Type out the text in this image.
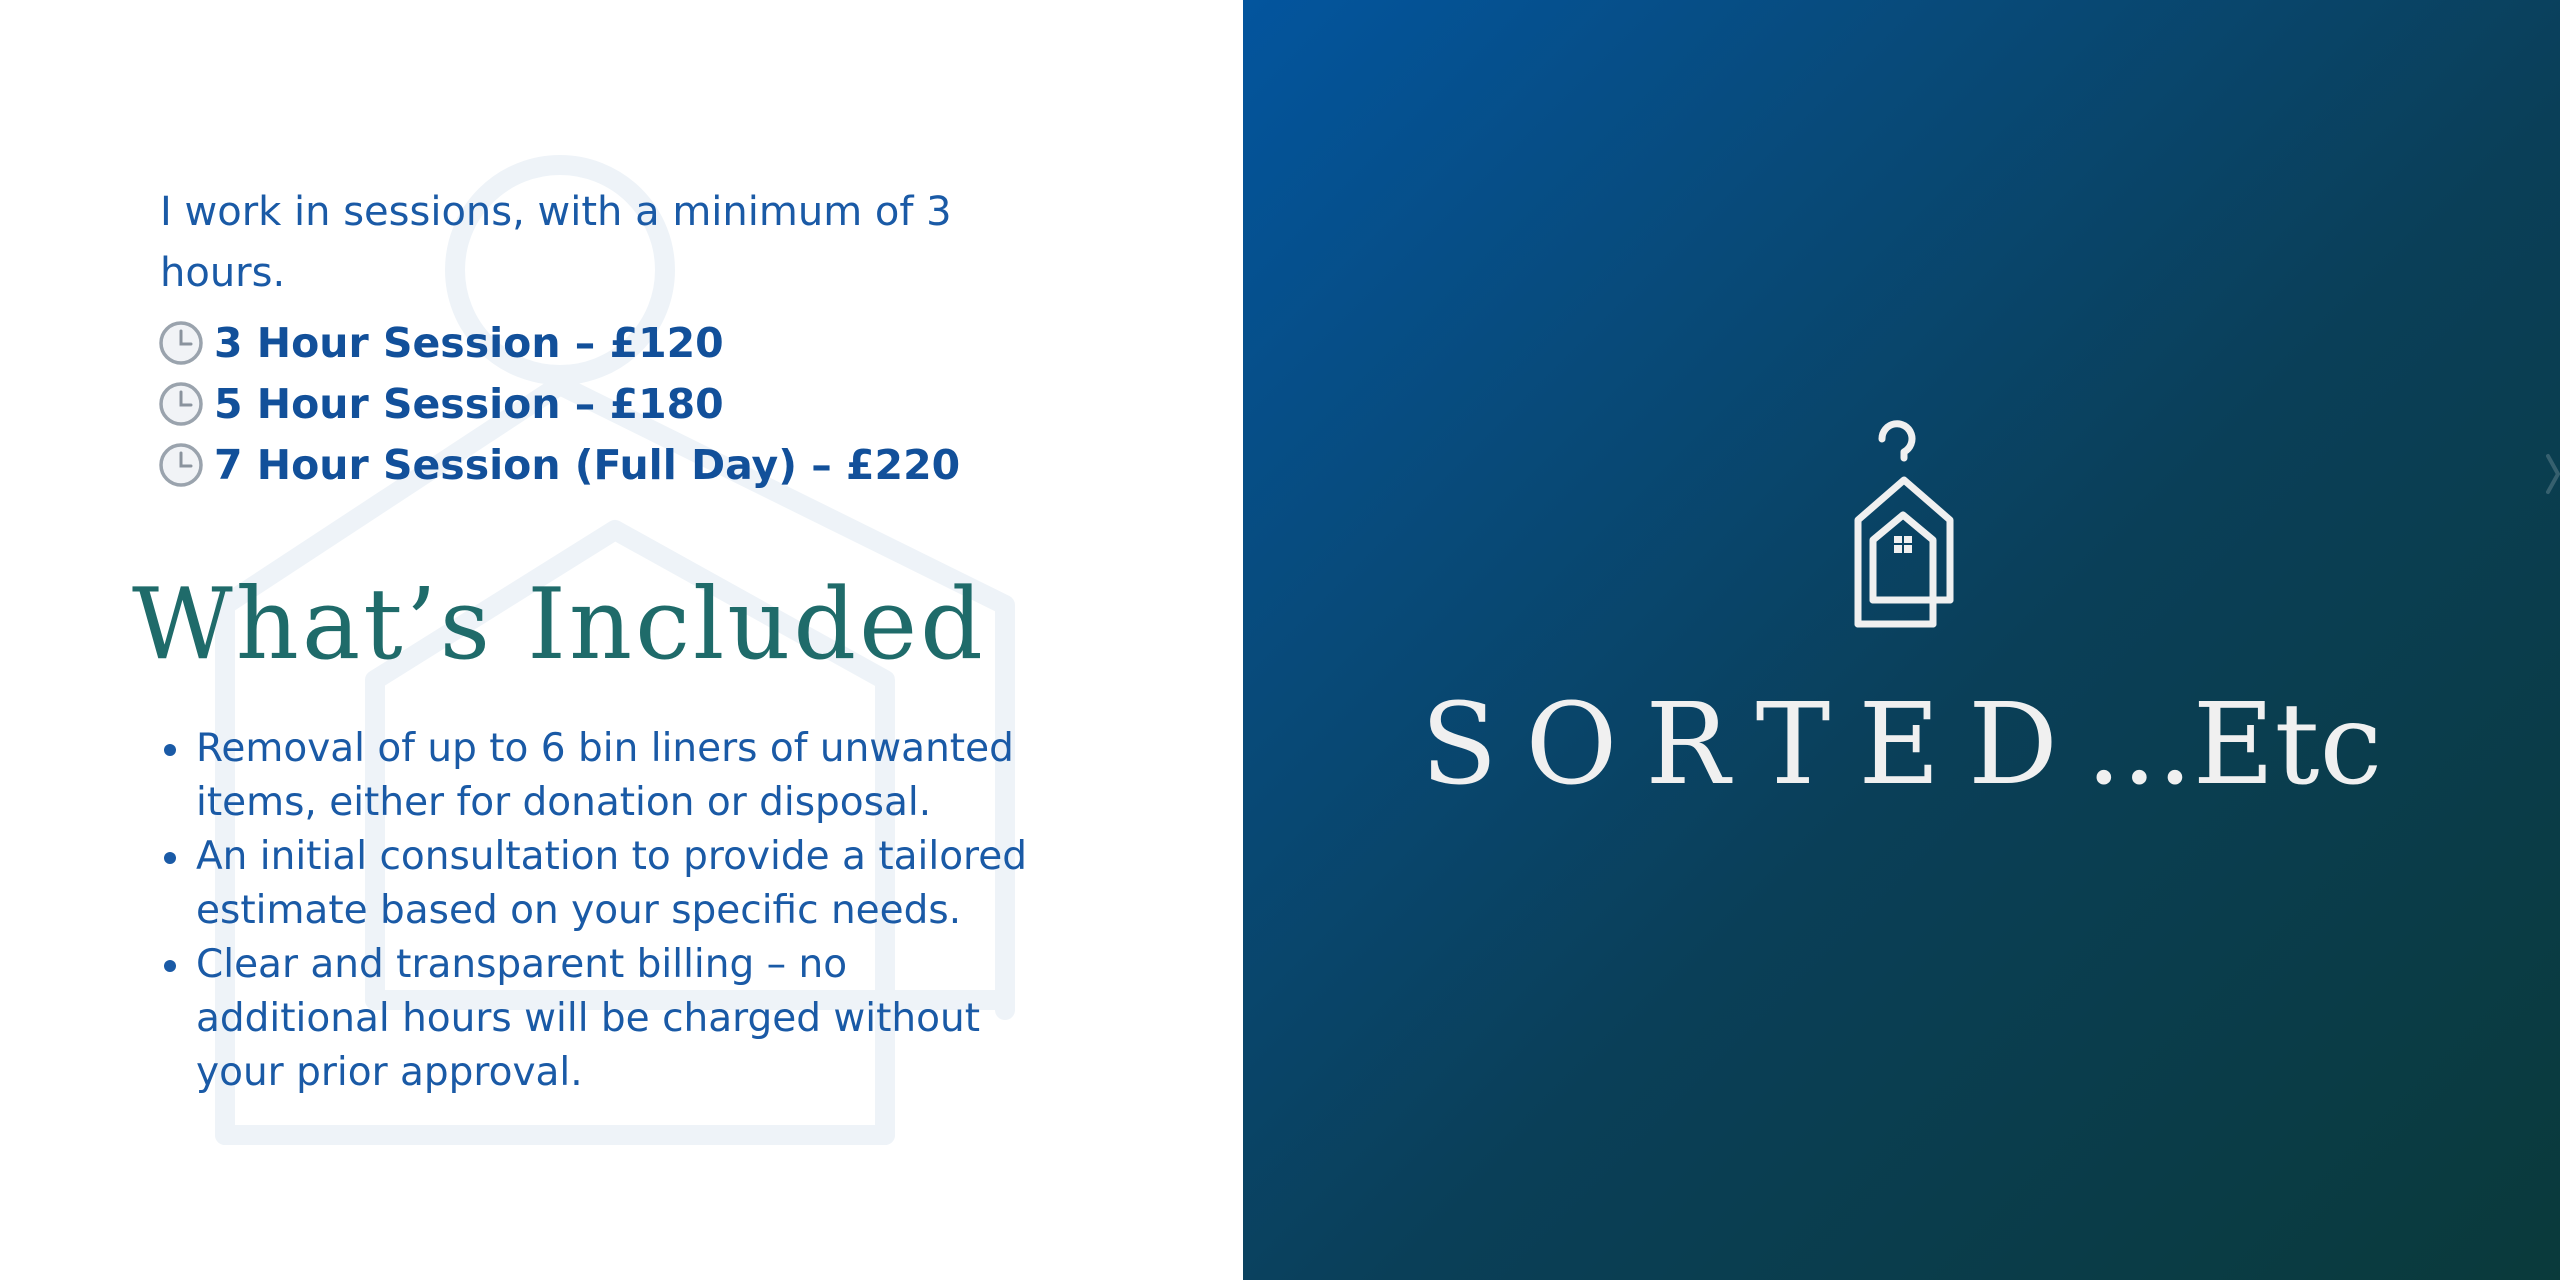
I work in sessions, with a minimum of 3 hours.

3 Hour Session – £120
5 Hour Session – £180
7 Hour Session (Full Day) – £220
What’s Included
Removal of up to 6 bin liners of unwanted items, either for donation or disposal.
An initial consultation to provide a tailored estimate based on your specific needs.
Clear and transparent billing – no additional hours will be charged without your prior approval.
SORTED...Etc
